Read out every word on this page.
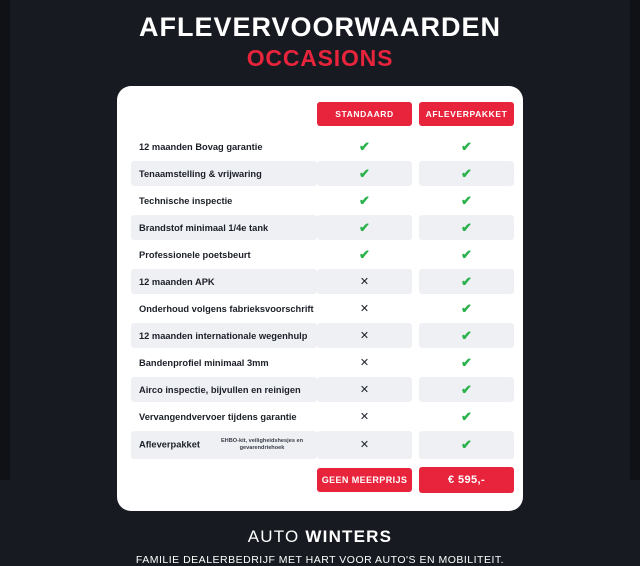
AFLEVERVOORWAARDEN
OCCASIONS

	STANDAARD		AFLEVERPAKKET

12 maanden Bovag garantie	✔		✔
Tenaamstelling & vrijwaring	✔		✔
Technische inspectie	✔		✔
Brandstof minimaal 1/4e tank	✔		✔
Professionele poetsbeurt	✔		✔
12 maanden APK	✕		✔
Onderhoud volgens fabrieksvoorschrift	✕		✔
12 maanden internationale wegenhulp	✕		✔
Bandenprofiel minimaal 3mm	✕		✔
Airco inspectie, bijvullen en reinigen	✕		✔
Vervangendvervoer tijdens garantie	✕		✔
Afleverpakket EHBO-kit, veiligheidshesjes en gevarendriehoek	✕		✔

	GEEN MEERPRIJS		€ 595,-
AUTO WINTERS
FAMILIE DEALERBEDRIJF MET HART VOOR AUTO'S EN MOBILITEIT.
